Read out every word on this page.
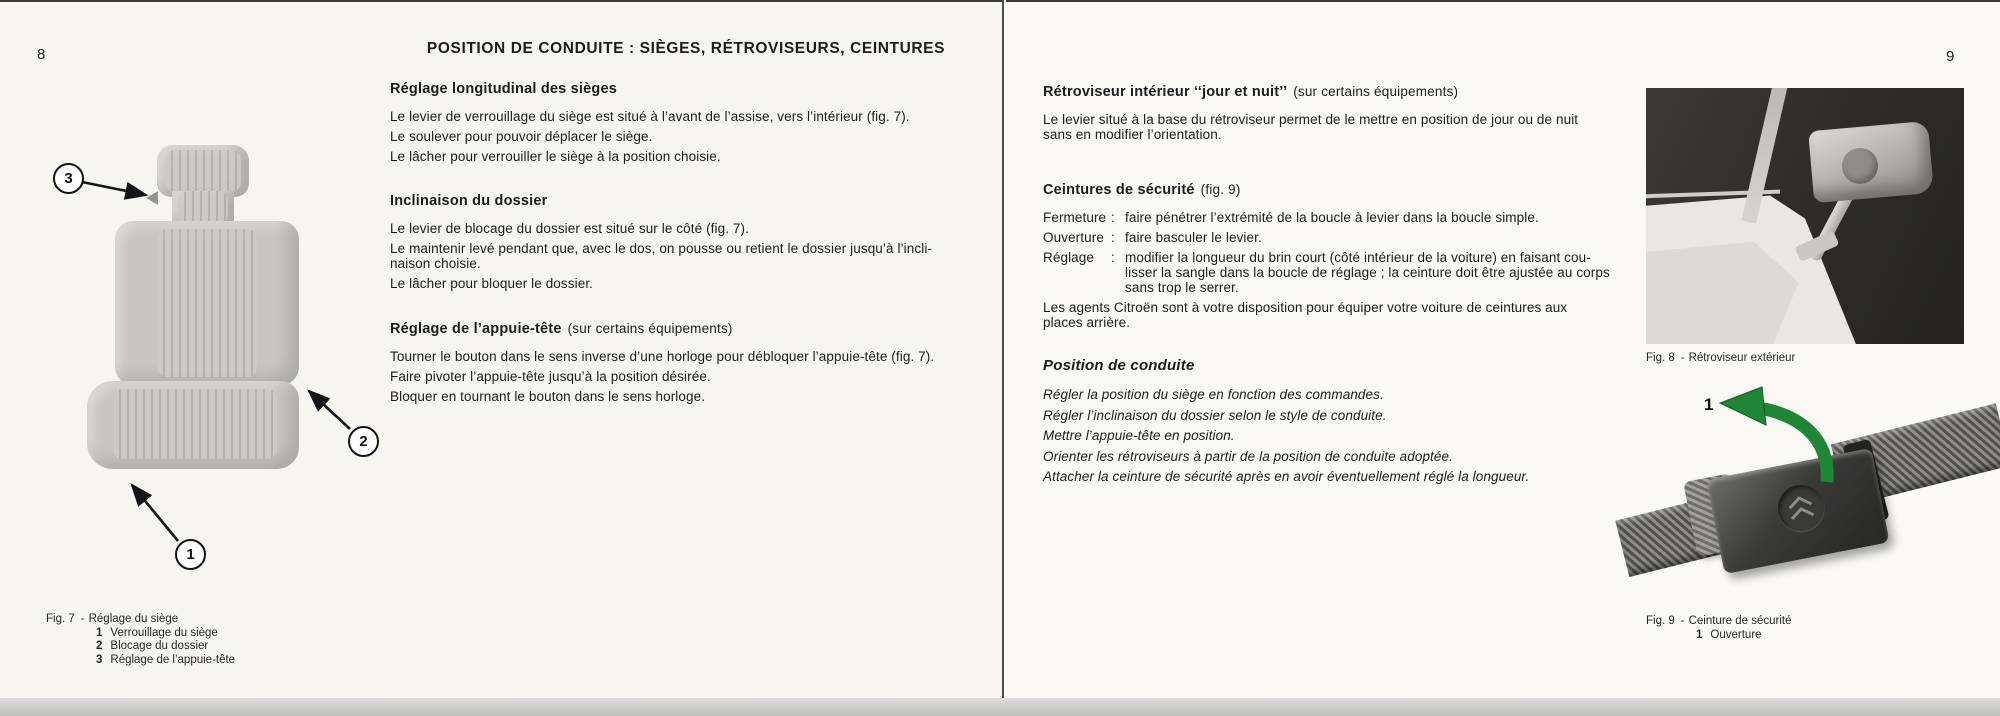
8	9
POSITION DE CONDUITE : SIÈGES, RÉTROVISEURS, CEINTURES
Réglage longitudinal des sièges
Le levier de verrouillage du siège est situé à l’avant de l’assise, vers l’intérieur (fig. 7).
Le soulever pour pouvoir déplacer le siège.
Le lâcher pour verrouiller le siège à la position choisie.
Inclinaison du dossier
Le levier de blocage du dossier est situé sur le côté (fig. 7).
Le maintenir levé pendant que, avec le dos, on pousse ou retient le dossier jusqu’à l’incli-
naison choisie.
Le lâcher pour bloquer le dossier.
Réglage de l’appuie-tête (sur certains équipements)
Tourner le bouton dans le sens inverse d’une horloge pour débloquer l’appuie-tête (fig. 7).
Faire pivoter l’appuie-tête jusqu’à la position désirée.
Bloquer en tournant le bouton dans le sens horloge.
1
2
3
Fig. 7 - Réglage du siège
1 Verrouillage du siège
2 Blocage du dossier
3 Réglage de l’appuie-tête
Rétroviseur intérieur ‘‘jour et nuit’’ (sur certains équipements)
Le levier situé à la base du rétroviseur permet de le mettre en position de jour ou de nuit
sans en modifier l’orientation.
Ceintures de sécurité (fig. 9)
Fermeture : faire pénétrer l’extrémité de la boucle à levier dans la boucle simple.
Ouverture : faire basculer le levier.
Réglage	: modifier la longueur du brin court (côté intérieur de la voiture) en faisant cou-
lisser la sangle dans la boucle de réglage ; la ceinture doit être ajustée au corps
sans trop le serrer.
Les agents Citroën sont à votre disposition pour équiper votre voiture de ceintures aux
places arrière.
Position de conduite
Régler la position du siège en fonction des commandes.
Régler l’inclinaison du dossier selon le style de conduite.
Mettre l’appuie-tête en position.
Orienter les rétroviseurs à partir de la position de conduite adoptée.
Attacher la ceinture de sécurité après en avoir éventuellement réglé la longueur.
Fig. 8 - Rétroviseur extérieur
1
Fig. 9 - Ceinture de sécurité
1 Ouverture
